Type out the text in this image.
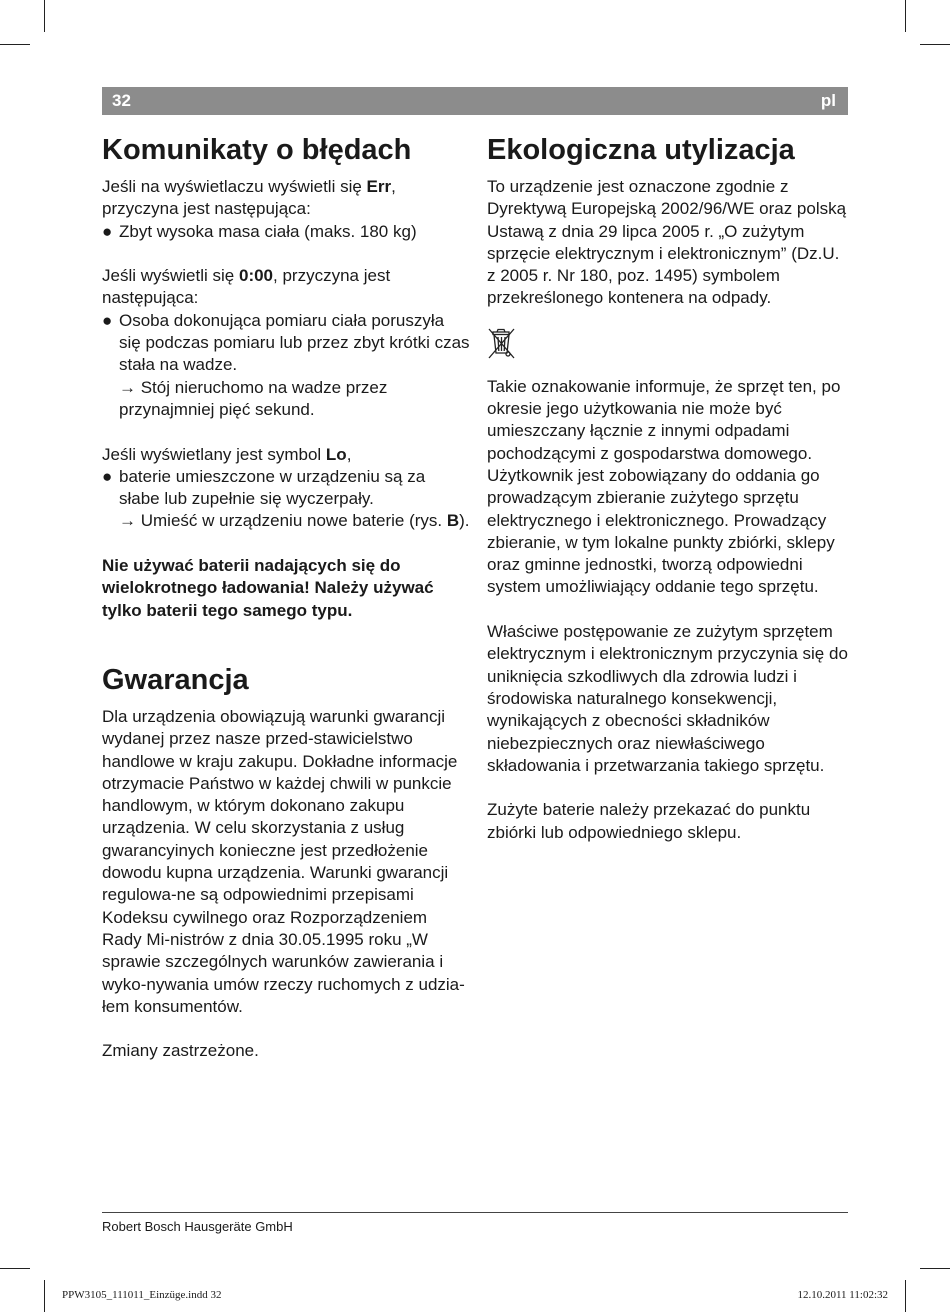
32	pl
Komunikaty o błędach

Jeśli na wyświetlaczu wyświetli się Err,

przyczyna jest następująca:

● Zbyt wysoka masa ciała (maks. 180 kg)

Jeśli wyświetli się 0:00, przyczyna jest

następująca:

● Osoba dokonująca pomiaru ciała poruszyła się podczas pomiaru lub przez zbyt krótki czas stała na wadze.
→ Stój nieruchomo na wadze przez przynajmniej pięć sekund.

Jeśli wyświetlany jest symbol Lo,

● baterie umieszczone w urządzeniu są za słabe lub zupełnie się wyczerpały.
→ Umieść w urządzeniu nowe baterie (rys. B).

Nie używać baterii nadających się do wielokrotnego ładowania! Należy używać tylko baterii tego samego typu.

Gwarancja

Dla urządzenia obowiązują warunki gwarancji wydanej przez nasze przed-stawicielstwo handlowe w kraju zakupu. Dokładne informacje otrzymacie Państwo w każdej chwili w punkcie handlowym, w którym dokonano zakupu urządzenia. W celu skorzystania z usług gwarancyinych konieczne jest przedłożenie dowodu kupna urządzenia. Warunki gwarancji regulowa-ne są odpowiednimi przepisami Kodeksu cywilnego oraz Rozporządzeniem Rady Mi-nistrów z dnia 30.05.1995 roku „W sprawie szczególnych warunków zawierania i wyko-nywania umów rzeczy ruchomych z udzia-łem konsumentów.

Zmiany zastrzeżone.

Ekologiczna utylizacja

To urządzenie jest oznaczone zgodnie z Dyrektywą Europejską 2002/96/WE oraz polską Ustawą z dnia 29 lipca 2005 r. „O zużytym sprzęcie elektrycznym i elektronicznym” (Dz.U. z 2005 r. Nr 180, poz. 1495) symbolem przekreślonego kontenera na odpady.

Takie oznakowanie informuje, że sprzęt ten, po okresie jego użytkowania nie może być umieszczany łącznie z innymi odpadami pochodzącymi z gospodarstwa domowego. Użytkownik jest zobowiązany do oddania go prowadzącym zbieranie zużytego sprzętu elektrycznego i elektronicznego. Prowadzący zbieranie, w tym lokalne punkty zbiórki, sklepy oraz gminne jednostki, tworzą odpowiedni system umożliwiający oddanie tego sprzętu.

Właściwe postępowanie ze zużytym sprzętem elektrycznym i elektronicznym przyczynia się do uniknięcia szkodliwych dla zdrowia ludzi i środowiska naturalnego konsekwencji, wynikających z obecności składników niebezpiecznych oraz niewłaściwego składowania i przetwarzania takiego sprzętu.

Zużyte baterie należy przekazać do punktu zbiórki lub odpowiedniego sklepu.

Robert Bosch Hausgeräte GmbH
PPW3105_111011_Einzüge.indd 32	12.10.2011 11:02:32
